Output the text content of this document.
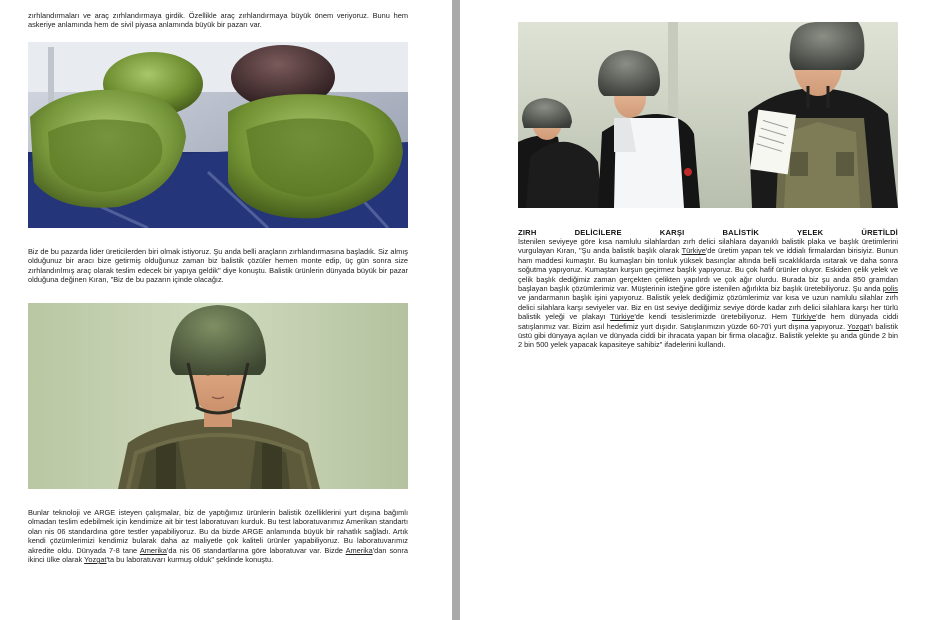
zırhlandırmaları ve araç zırhlandırmaya girdik. Özellikle araç zırhlandırmaya büyük önem veriyoruz. Bunu hem askeriye anlamında hem de sivil piyasa anlamında büyük bir pazarı var.

Biz de bu pazarda lider üreticilerden biri olmak istiyoruz. Şu anda belli araçların zırhlandırmasına başladık. Siz almış olduğunuz bir aracı bize getirmiş olduğunuz zaman biz balistik çözüler hemen monte edip, üç gün sonra size zırhlandırılmış araç olarak teslim edecek bir yapıya geldik" diye konuştu. Balistik ürünlerin dünyada büyük bir pazar olduğuna değinen Kıran, "Biz de bu pazarın içinde olacağız.

Bunlar teknoloji ve ARGE isteyen çalışmalar, biz de yaptığımız ürünlerin balistik özelliklerini yurt dışına bağımlı olmadan teslim edebilmek için kendimize ait bir test laboratuvarı kurduk. Bu test laboratuvarımız Amerikan standartı olan nis 06 standardına göre testler yapabiliyoruz. Bu da bizde ARGE anlamında büyük bir rahatlık sağladı. Artık kendi çözümlerimizi kendimiz bularak daha az maliyetle çok kaliteli ürünler yapabiliyoruz. Bu laboratuvarımız akredite oldu. Dünyada 7-8 tane Amerika'da nis 06 standartlarına göre laboratuvar var. Bizde Amerika'dan sonra ikinci ülke olarak Yozgat'ta bu laboratuvarı kurmuş olduk" şeklinde konuştu.

ZIRH DELİCİLERE KARŞI BALİSTİK YELEK ÜRETİLDİ

İstenilen seviyeye göre kısa namlulu silahlardan zırh delici silahlara dayanıklı balistik plaka ve başlık üretimlerini vurgulayan Kıran, "Şu anda balistik başlık olarak Türkiye'de üretim yapan tek ve iddialı firmalardan birisiyiz. Bunun ham maddesi kumaştır. Bu kumaşları bin tonluk yüksek basınçlar altında belli sıcaklıklarda ısıtarak ve daha sonra soğutma yapıyoruz. Kumaştan kurşun geçirmez başlık yapıyoruz. Bu çok hafif ürünler oluyor. Eskiden çelik yelek ve çelik başlık dediğimiz zaman gerçekten çelikten yapılırdı ve çok ağır olurdu. Burada biz şu anda 850 gramdan başlayan başlık çözümlerimiz var. Müşterinin isteğine göre istenilen ağırlıkta biz başlık üretebiliyoruz. Şu anda polis ve jandarmanın başlık işini yapıyoruz. Balistik yelek dediğimiz çözümlerimiz var kısa ve uzun namlulu silahlar zırh delici silahlara karşı seviyeler var. Biz en üst seviye dediğimiz seviye dörde kadar zırh delici silahlara karşı her türlü balistik yeleği ve plakayı Türkiye'de kendi tesislerimizde üretebiliyoruz. Hem Türkiye'de hem dünyada ciddi satışlarımız var. Bizim asıl hedefimiz yurt dışıdır. Satışlarımızın yüzde 60-70'i yurt dışına yapıyoruz. Yozgat'ı balistik üstü gibi dünyaya açılan ve dünyada ciddi bir ihracata yapan bir firma olacağız. Balistik yelekte şu anda günde 2 bin 2 bin 500 yelek yapacak kapasiteye sahibiz" ifadelerini kullandı.
